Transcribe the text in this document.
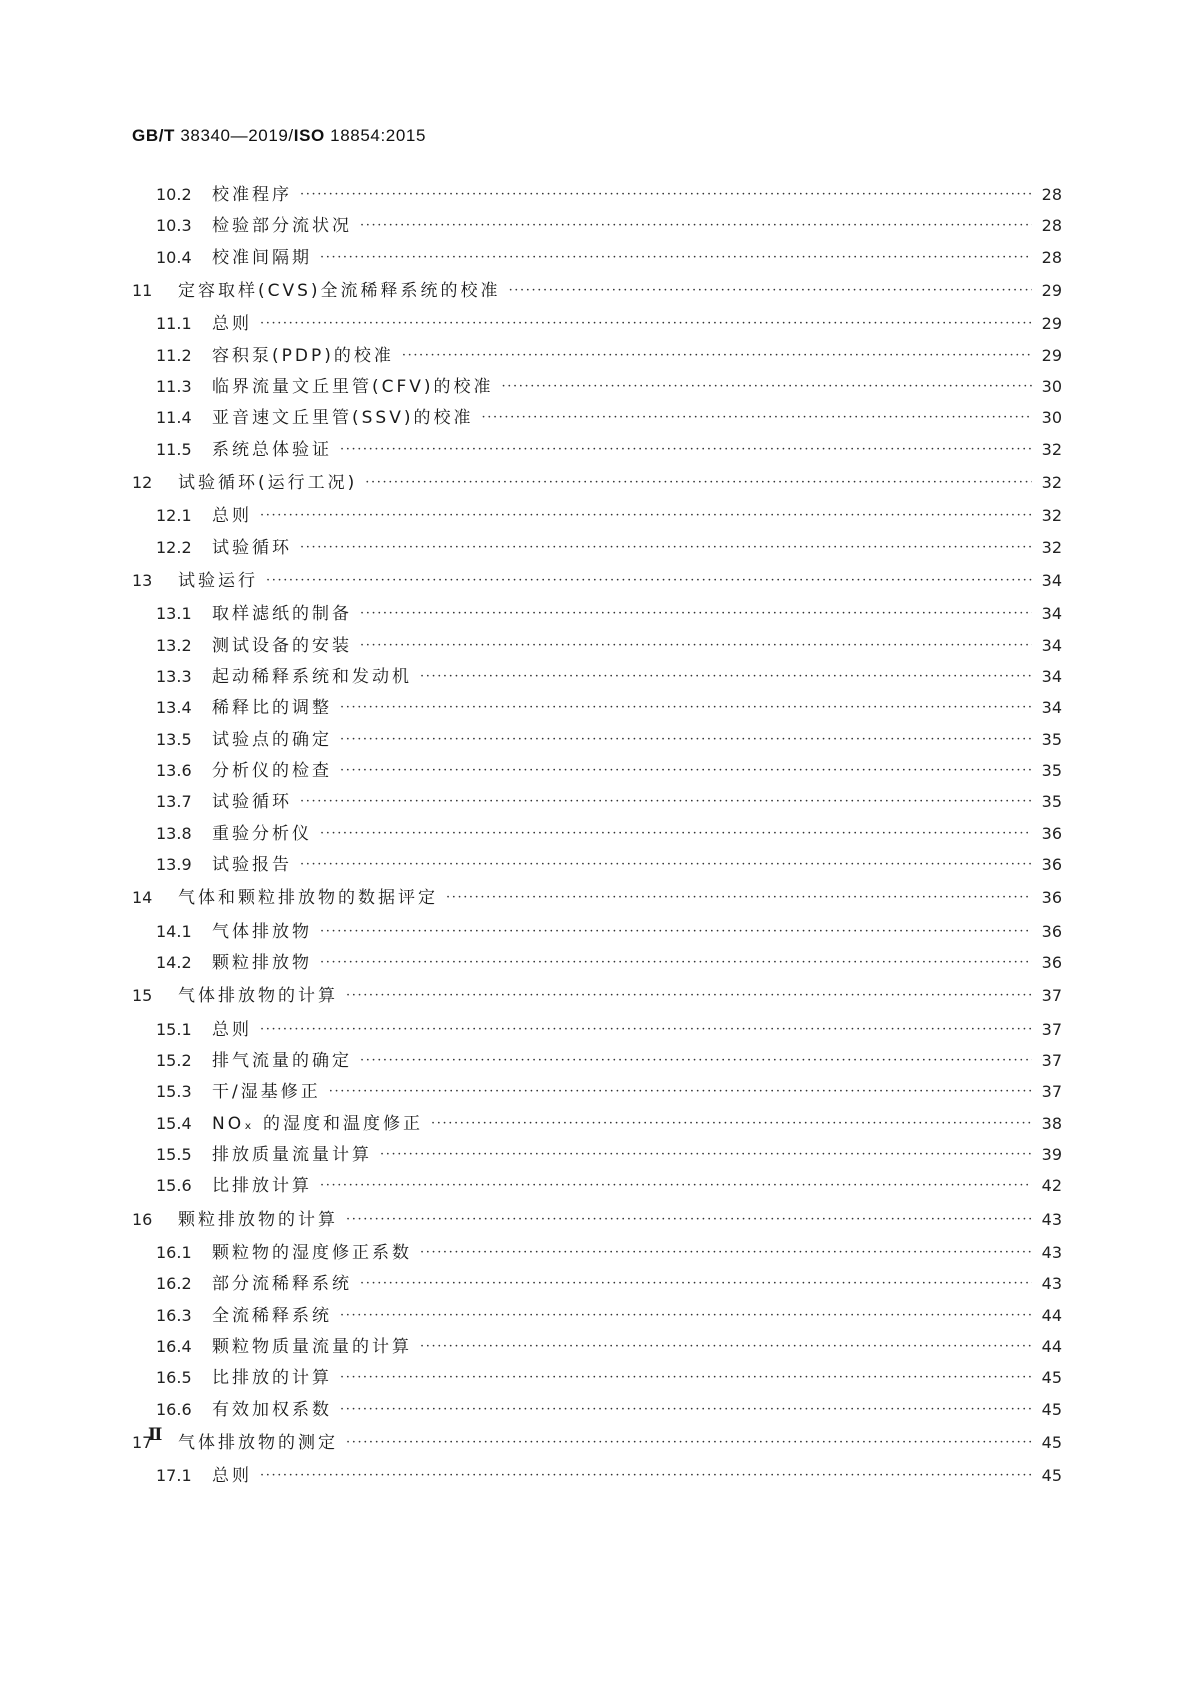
GB/T 38340—2019/ISO 18854:2015
10.2	校准程序 ·····	28
10.3	检验部分流状况 ·····	28
10.4	校准间隔期 ·····	28
11	定容取样(CVS)全流稀释系统的校准 ·····	29
11.1	总则 ·····	29
11.2	容积泵(PDP)的校准 ·····	29
11.3	临界流量文丘里管(CFV)的校准 ·····	30
11.4	亚音速文丘里管(SSV)的校准 ·····	30
11.5	系统总体验证 ·····	32
12	试验循环(运行工况) ·····	32
12.1	总则 ·····	32
12.2	试验循环 ·····	32
13	试验运行 ·····	34
13.1	取样滤纸的制备 ·····	34
13.2	测试设备的安装 ·····	34
13.3	起动稀释系统和发动机 ·····	34
13.4	稀释比的调整 ·····	34
13.5	试验点的确定 ·····	35
13.6	分析仪的检查 ·····	35
13.7	试验循环 ·····	35
13.8	重验分析仪 ·····	36
13.9	试验报告 ·····	36
14	气体和颗粒排放物的数据评定 ·····	36
14.1	气体排放物 ·····	36
14.2	颗粒排放物 ·····	36
15	气体排放物的计算 ·····	37
15.1	总则 ·····	37
15.2	排气流量的确定 ·····	37
15.3	干/湿基修正 ·····	37
15.4	NOₓ 的湿度和温度修正 ·····	38
15.5	排放质量流量计算 ·····	39
15.6	比排放计算 ·····	42
16	颗粒排放物的计算 ·····	43
16.1	颗粒物的湿度修正系数 ·····	43
16.2	部分流稀释系统 ·····	43
16.3	全流稀释系统 ·····	44
16.4	颗粒物质量流量的计算 ·····	44
16.5	比排放的计算 ·····	45
16.6	有效加权系数 ·····	45
17	气体排放物的测定 ·····	45
17.1	总则 ·····	45
Ⅱ
